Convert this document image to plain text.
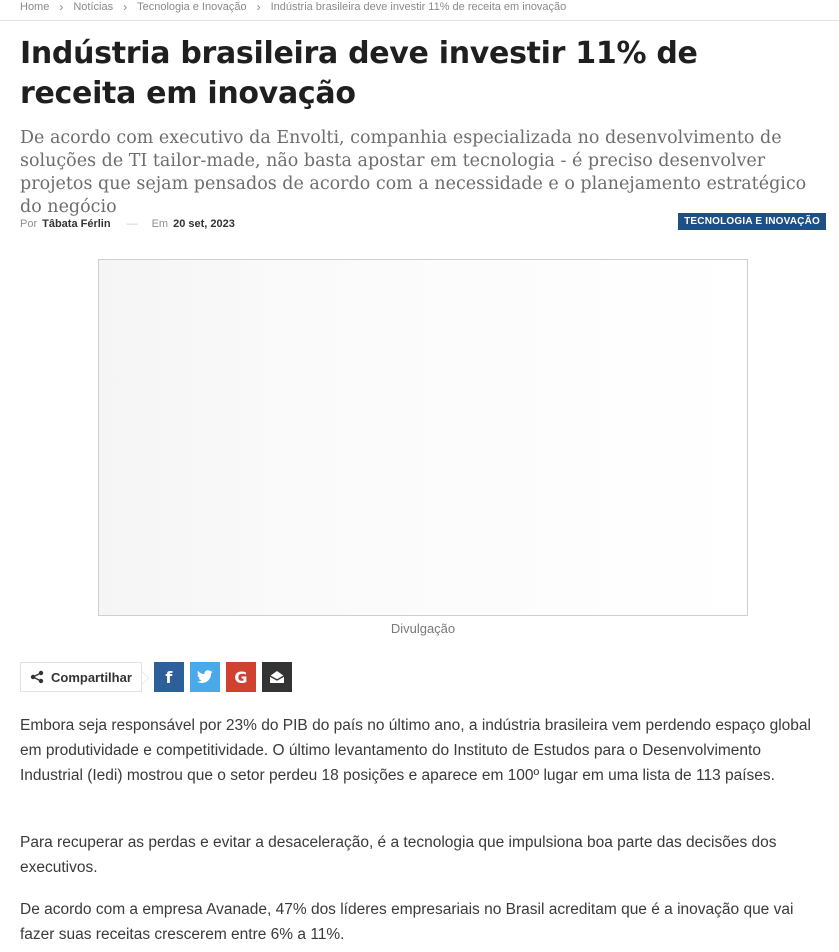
Home › Notícias › Tecnologia e Inovação › Indústria brasileira deve investir 11% de receita em inovação
Indústria brasileira deve investir 11% de receita em inovação

De acordo com executivo da Envolti, companhia especializada no desenvolvimento de soluções de TI tailor-made, não basta apostar em tecnologia - é preciso desenvolver projetos que sejam pensados de acordo com a necessidade e o planejamento estratégico do negócio

Por Tâbata Férlin — Em 20 set, 2023	TECNOLOGIA E INOVAÇÃO
Divulgação
Compartilhar f	G

Embora seja responsável por 23% do PIB do país no último ano, a indústria brasileira vem perdendo espaço global em produtividade e competitividade. O último levantamento do Instituto de Estudos para o Desenvolvimento Industrial (Iedi) mostrou que o setor perdeu 18 posições e aparece em 100º lugar em uma lista de 113 países.

Para recuperar as perdas e evitar a desaceleração, é a tecnologia que impulsiona boa parte das decisões dos executivos.

De acordo com a empresa Avanade, 47% dos líderes empresariais no Brasil acreditam que é a inovação que vai fazer suas receitas crescerem entre 6% a 11%.
